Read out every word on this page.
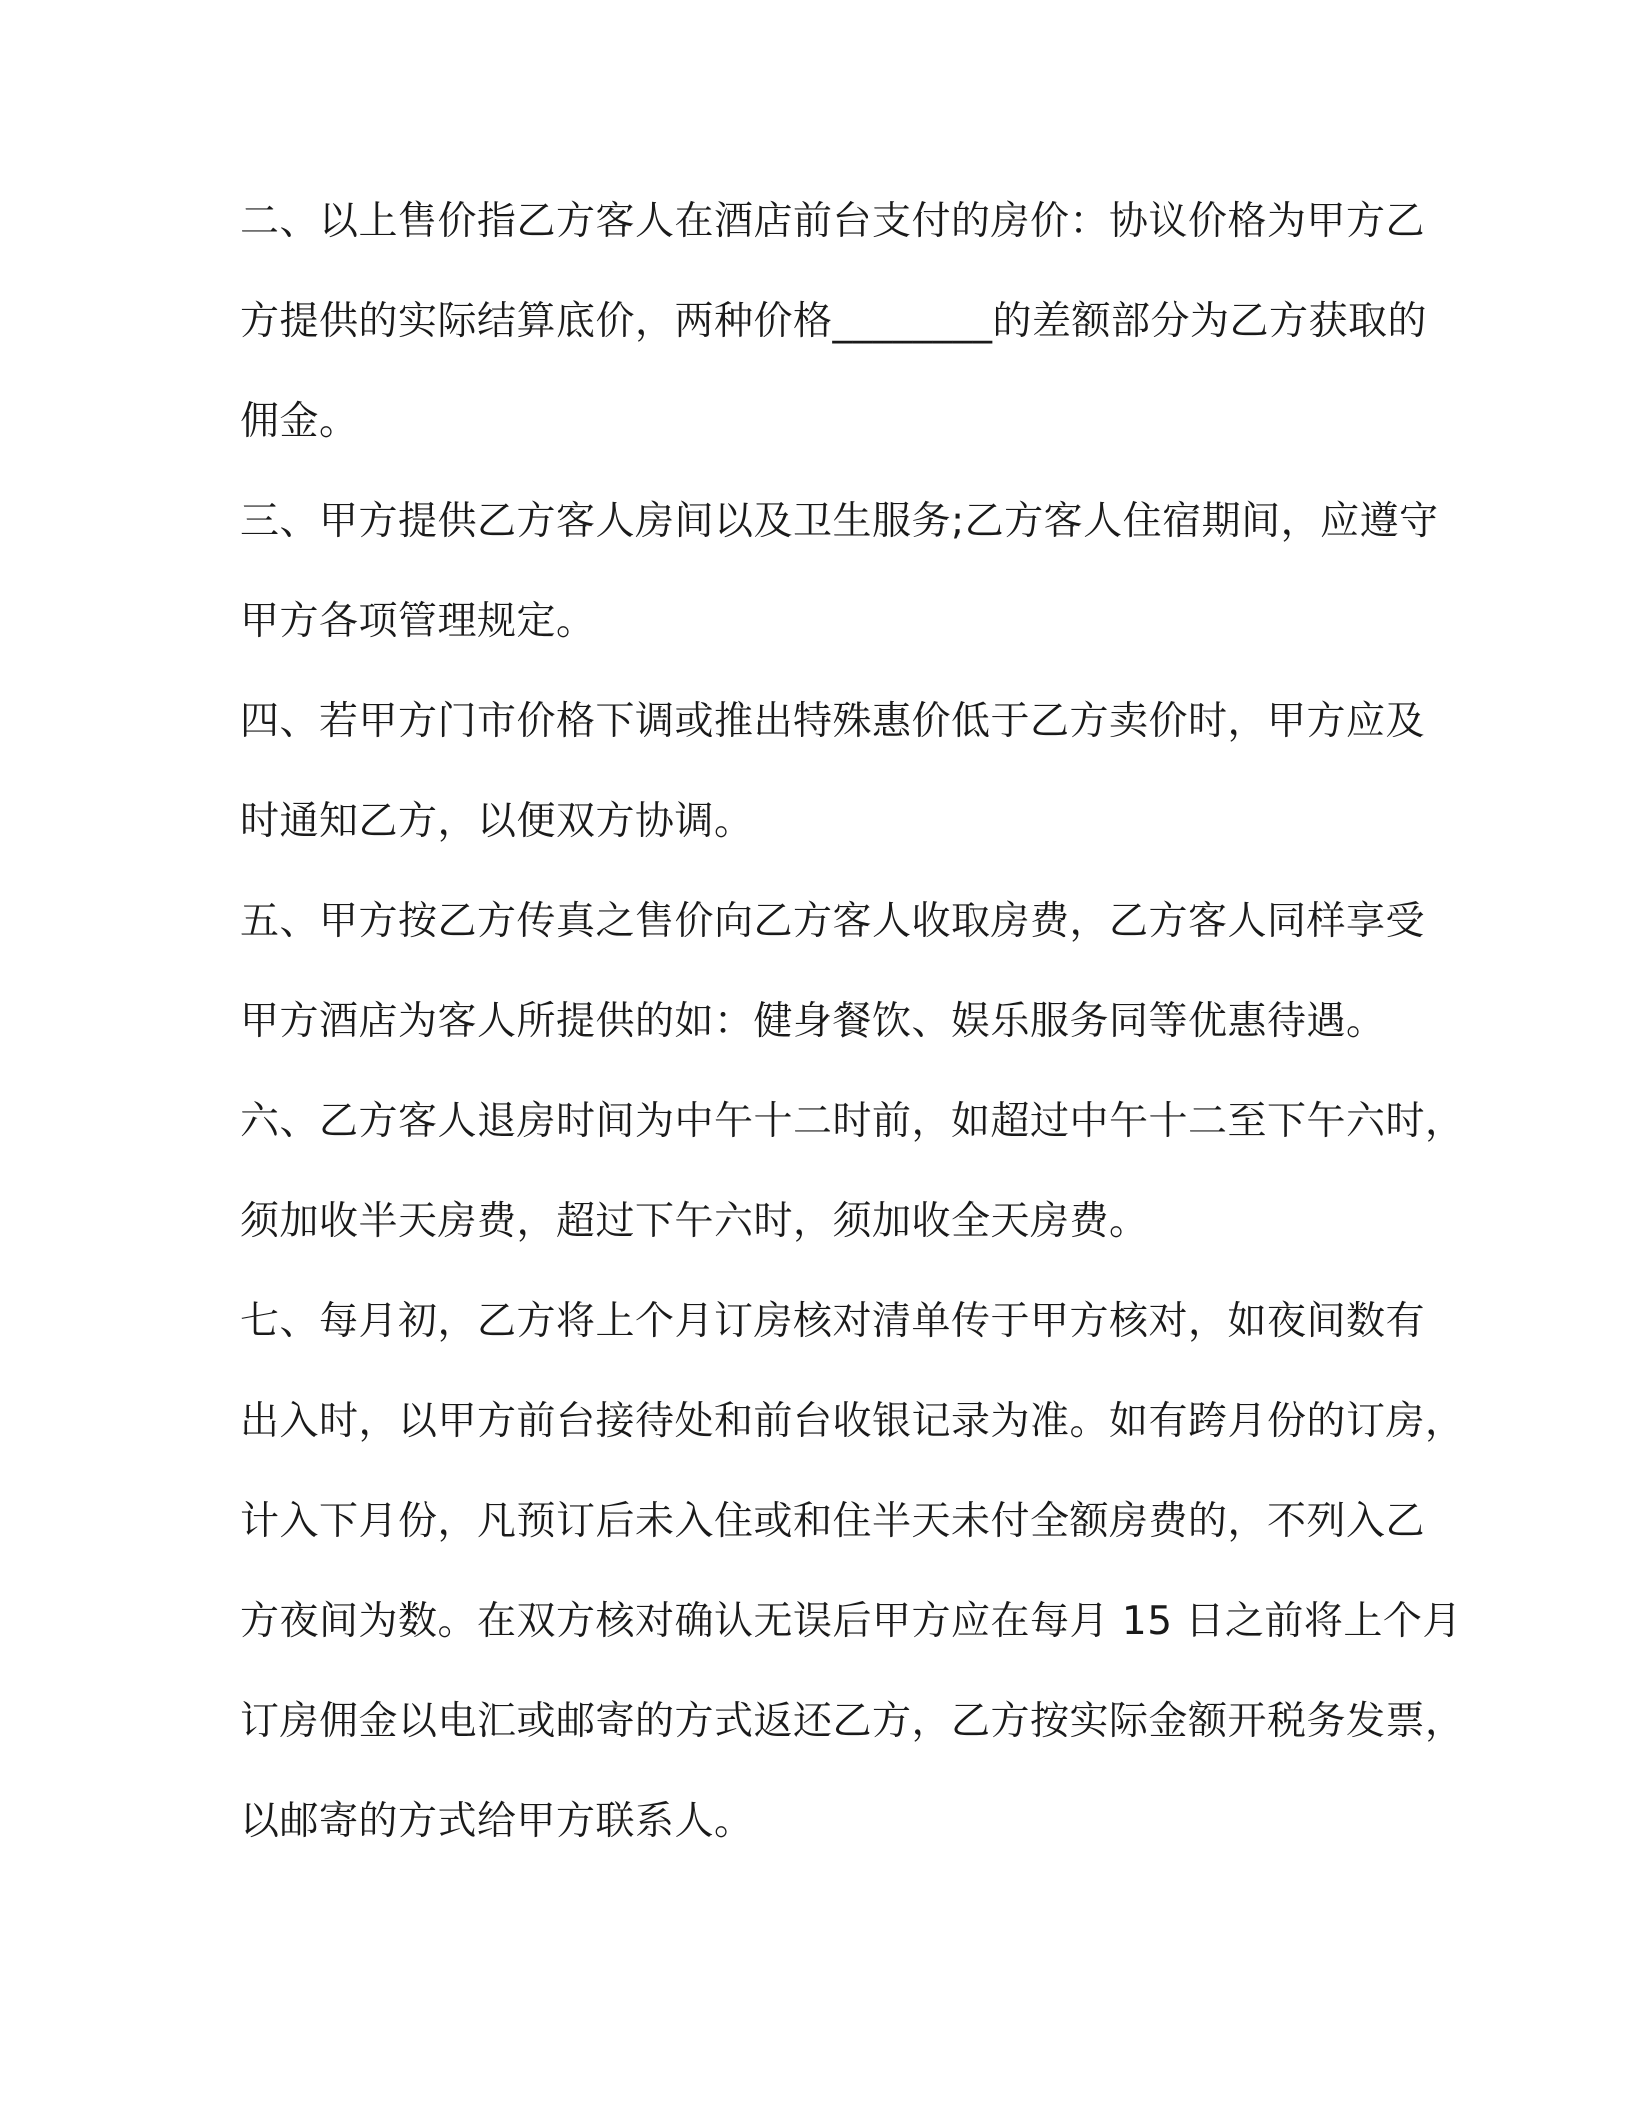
二、以上售价指乙方客人在酒店前台支付的房价：协议价格为甲方乙
方提供的实际结算底价，两种价格________的差额部分为乙方获取的
佣金。
三、甲方提供乙方客人房间以及卫生服务;乙方客人住宿期间，应遵守
甲方各项管理规定。
四、若甲方门市价格下调或推出特殊惠价低于乙方卖价时，甲方应及
时通知乙方，以便双方协调。
五、甲方按乙方传真之售价向乙方客人收取房费，乙方客人同样享受
甲方酒店为客人所提供的如：健身餐饮、娱乐服务同等优惠待遇。
六、乙方客人退房时间为中午十二时前，如超过中午十二至下午六时，
须加收半天房费，超过下午六时，须加收全天房费。
七、每月初，乙方将上个月订房核对清单传于甲方核对，如夜间数有
出入时，以甲方前台接待处和前台收银记录为准。如有跨月份的订房，
计入下月份，凡预订后未入住或和住半天未付全额房费的，不列入乙
方夜间为数。在双方核对确认无误后甲方应在每月 15 日之前将上个月
订房佣金以电汇或邮寄的方式返还乙方，乙方按实际金额开税务发票，
以邮寄的方式给甲方联系人。
